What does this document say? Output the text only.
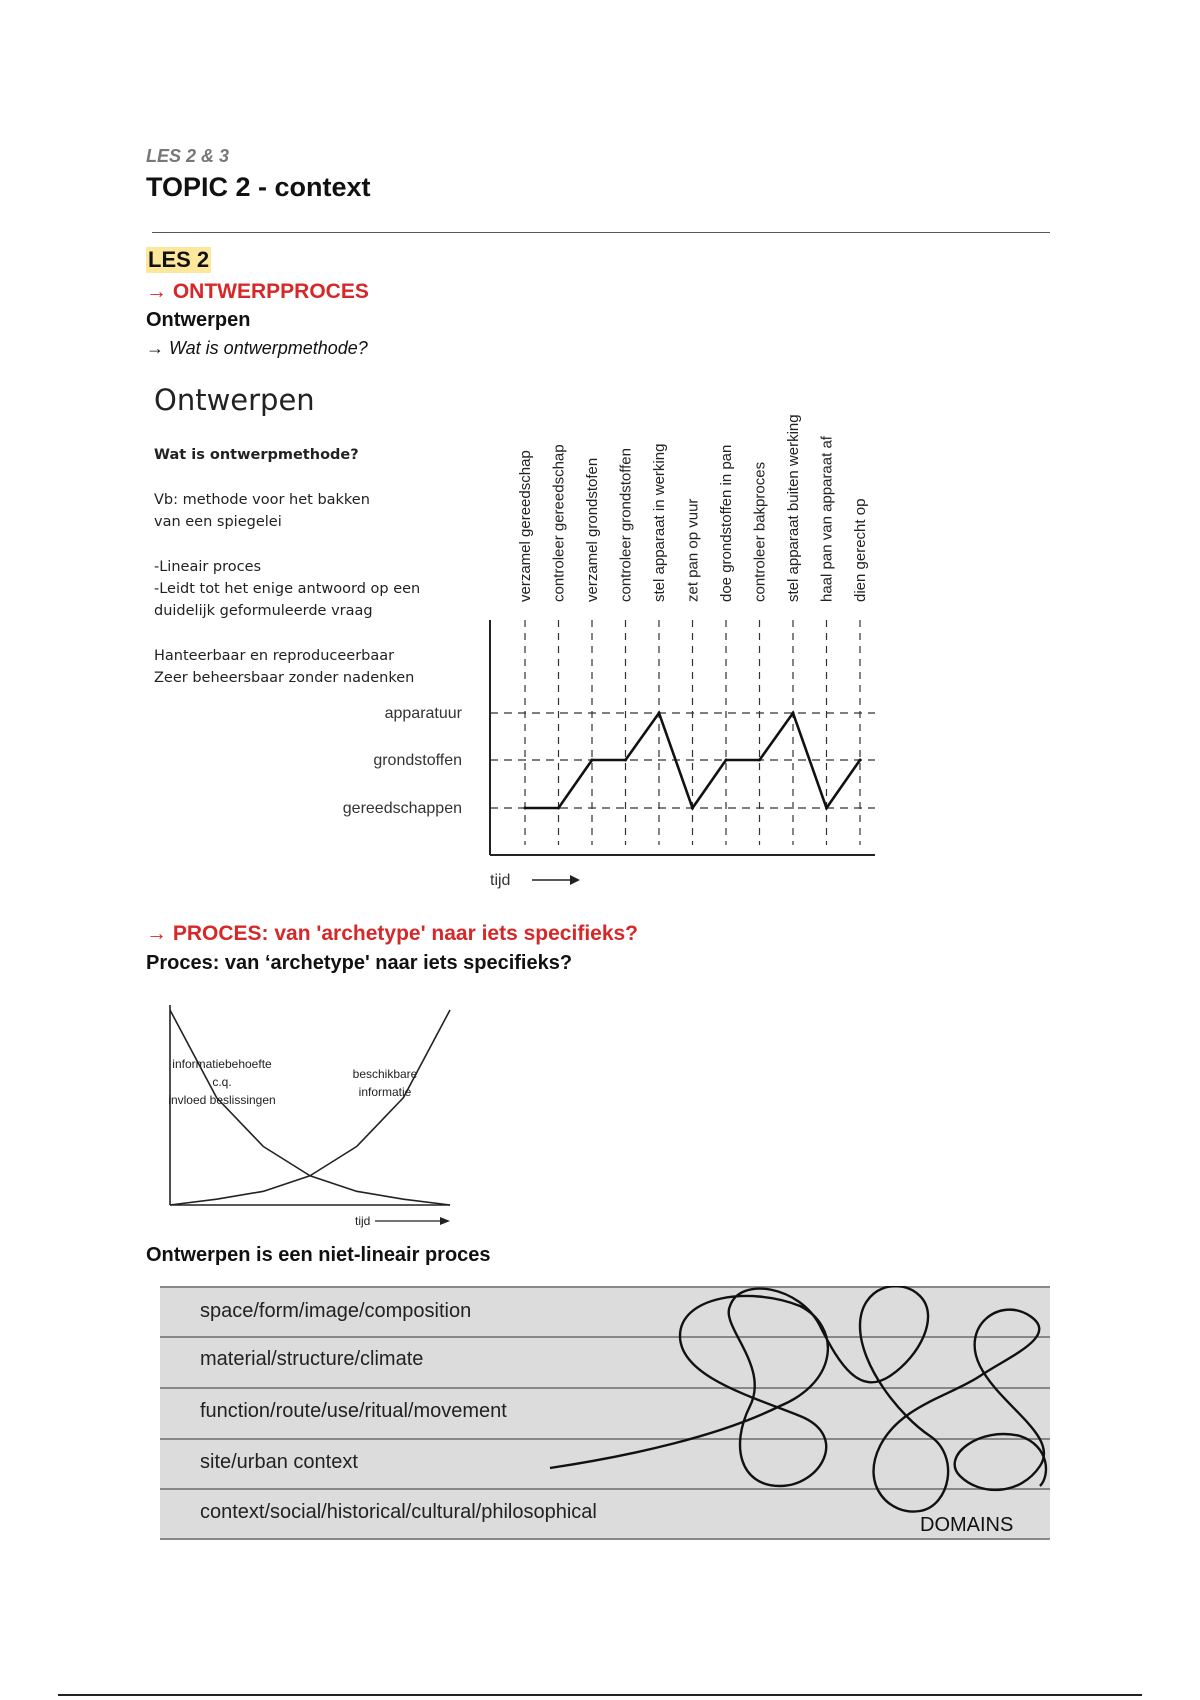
LES 2 & 3
TOPIC 2 - context
LES 2
→ ONTWERPPROCES
Ontwerpen
→ Wat is ontwerpmethode?
Ontwerpen
Wat is ontwerpmethode?
Vb: methode voor het bakken
van een spiegelei
-Lineair proces
-Leidt tot het enige antwoord op een
duidelijk geformuleerde vraag
Hanteerbaar en reproduceerbaar
Zeer beheersbaar zonder nadenken
verzamel gereedschap controleer gereedschap verzamel grondstofen controleer grondstoffen stel apparaat in werking zet pan op vuur doe grondstoffen in pan controleer bakproces stel apparaat buiten werking haal pan van apparaat af dien gerecht op
gereedschappen
grondstoffen
apparatuur
tijd
→ PROCES: van 'archetype' naar iets specifieks?
Proces: van ‘archetype' naar iets specifieks?
informatiebehoefte
c.q.
invloed beslissingen
beschikbare
informatie
tijd
Ontwerpen is een niet-lineair proces
space/form/image/composition
material/structure/climate
function/route/use/ritual/movement
site/urban context
context/social/historical/cultural/philosophical
DOMAINS
